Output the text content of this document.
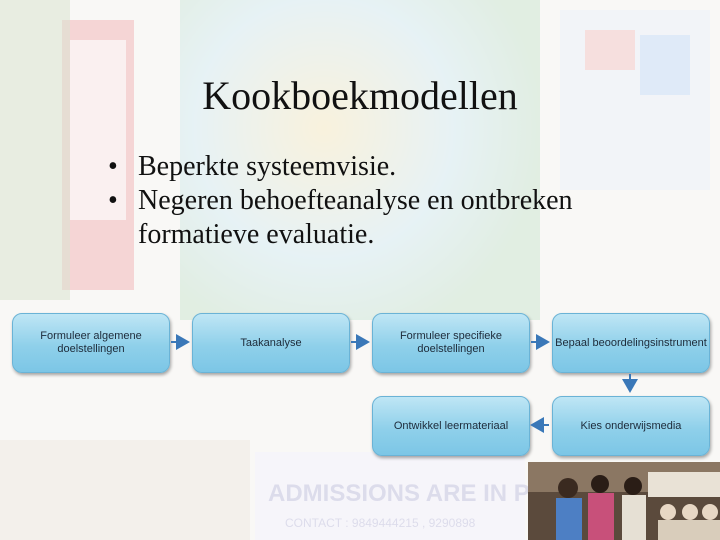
Kookboekmodellen
• Beperkte systeemvisie.
• Negeren behoefteanalyse en ontbreken formatieve evaluatie.
Formuleer algemene doelstellingen
Taakanalyse
Formuleer specifieke doelstellingen
Bepaal beoordelingsinstrument
Kies onderwijsmedia
Ontwikkel leermateriaal
